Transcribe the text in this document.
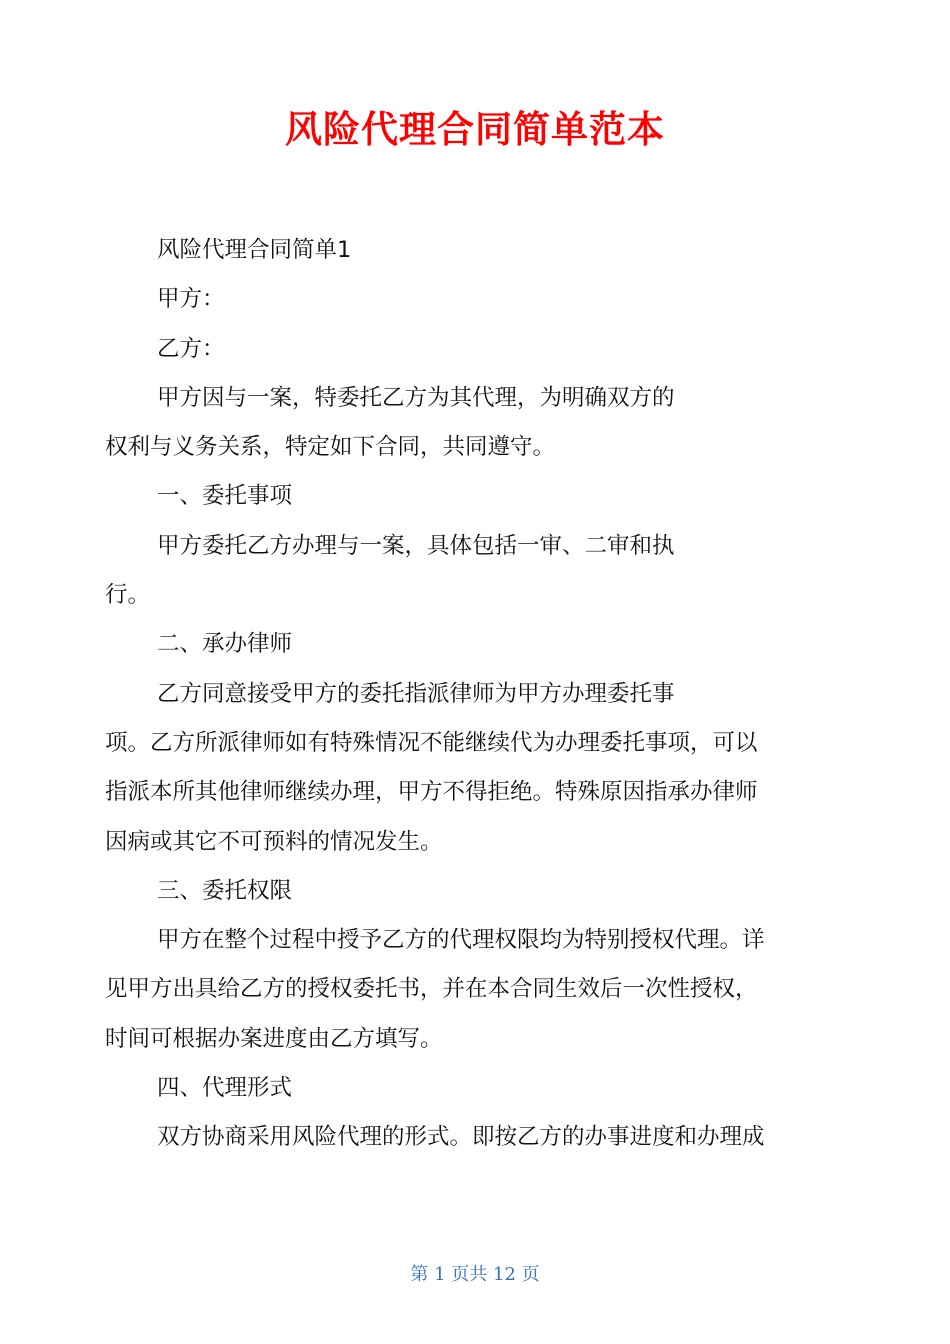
风险代理合同简单范本
风险代理合同简单1
甲方：
乙方：
甲方因与一案，特委托乙方为其代理，为明确双方的
权利与义务关系，特定如下合同，共同遵守。
一、委托事项
甲方委托乙方办理与一案，具体包括一审、二审和执
行。
二、承办律师
乙方同意接受甲方的委托指派律师为甲方办理委托事
项。乙方所派律师如有特殊情况不能继续代为办理委托事项，可以
指派本所其他律师继续办理，甲方不得拒绝。特殊原因指承办律师
因病或其它不可预料的情况发生。
三、委托权限
甲方在整个过程中授予乙方的代理权限均为特别授权代理。详
见甲方出具给乙方的授权委托书，并在本合同生效后一次性授权，
时间可根据办案进度由乙方填写。
四、代理形式
双方协商采用风险代理的形式。即按乙方的办事进度和办理成
第 1 页共 12 页
